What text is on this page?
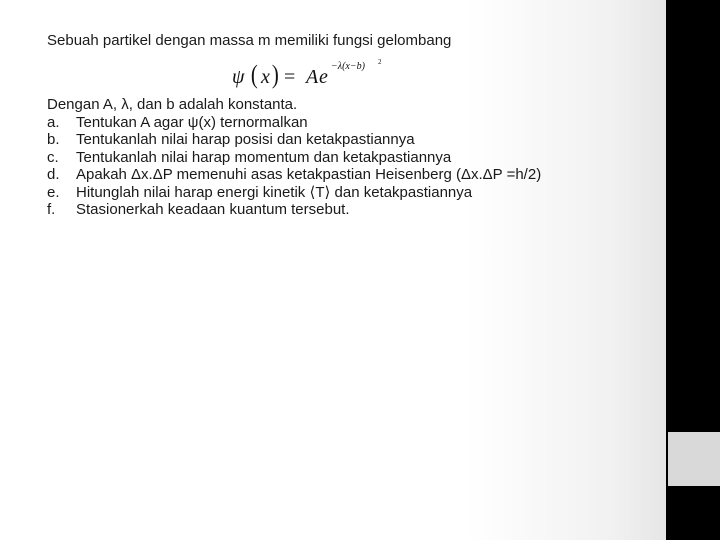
Sebuah partikel dengan massa m memiliki fungsi gelombang
ψ ( x ) = A e −λ(x−b) 2
Dengan A, λ, dan b adalah konstanta.
a.	Tentukan A agar ψ(x) ternormalkan
b.	Tentukanlah nilai harap posisi dan ketakpastiannya
c.	Tentukanlah nilai harap momentum dan ketakpastiannya
d.	Apakah Δx.ΔP memenuhi asas ketakpastian Heisenberg (Δx.ΔP =h/2)
e.	Hitunglah nilai harap energi kinetik ⟨T⟩ dan ketakpastiannya
f.	Stasionerkah keadaan kuantum tersebut.
